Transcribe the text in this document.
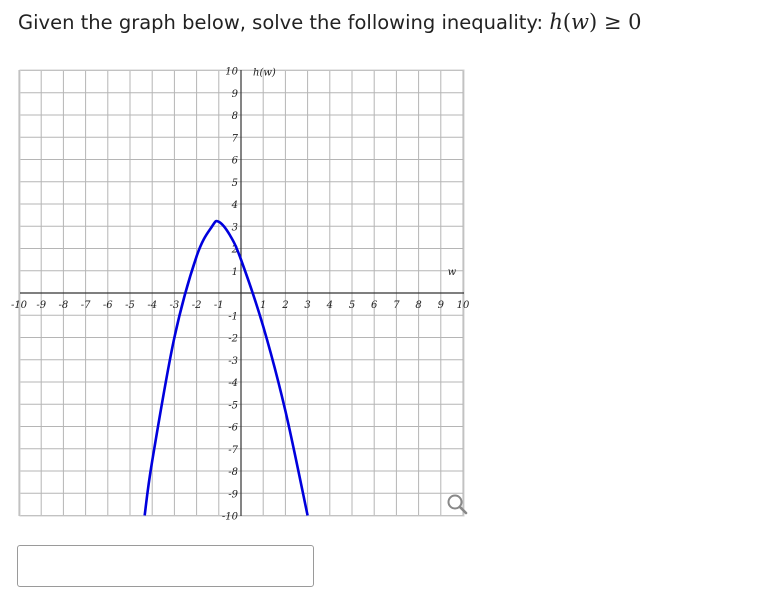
Given the graph below, solve the following inequality: h(w) ≥ 0
-10 -9 -8 -7 -6 -5 -4 -3 -2 -1	1 2 3 4 5 6 7 8 9 10
10
9
8
7
6
5
4
3
2
1
-1
-2
-3
-4
-5
-6
-7
-8
-9
-10
h(w)
w
